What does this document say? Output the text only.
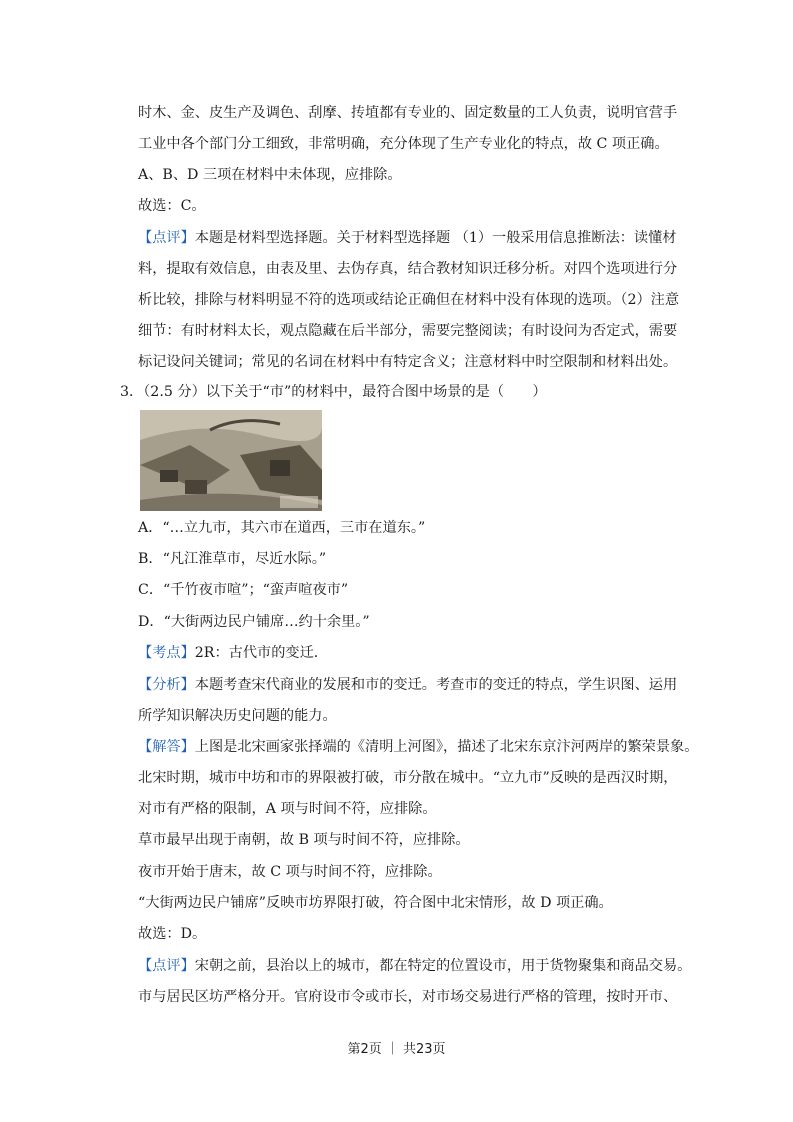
时木、金、皮生产及调色、刮摩、抟埴都有专业的、固定数量的工人负责，说明官营手
工业中各个部门分工细致，非常明确，充分体现了生产专业化的特点，故 C 项正确。
A、B、D 三项在材料中未体现，应排除。
故选：C。
【点评】本题是材料型选择题。关于材料型选择题 （1）一般采用信息推断法：读懂材
料，提取有效信息，由表及里、去伪存真，结合教材知识迁移分析。对四个选项进行分
析比较，排除与材料明显不符的选项或结论正确但在材料中没有体现的选项。（2）注意
细节：有时材料太长，观点隐藏在后半部分，需要完整阅读；有时设问为否定式，需要
标记设问关键词；常见的名词在材料中有特定含义；注意材料中时空限制和材料出处。
3．（2.5 分）以下关于“市”的材料中，最符合图中场景的是（　　）
A．“…立九市，其六市在道西，三市在道东。”
B．“凡江淮草市，尽近水际。”
C．“千竹夜市喧”；“蛮声喧夜市”
D．“大街两边民户铺席…约十余里。”
【考点】2R：古代市的变迁．
【分析】本题考查宋代商业的发展和市的变迁。考查市的变迁的特点，学生识图、运用
所学知识解决历史问题的能力。
【解答】上图是北宋画家张择端的《清明上河图》，描述了北宋东京汴河两岸的繁荣景象。
北宋时期，城市中坊和市的界限被打破，市分散在城中。“立九市”反映的是西汉时期，
对市有严格的限制，A 项与时间不符，应排除。
草市最早出现于南朝，故 B 项与时间不符，应排除。
夜市开始于唐末，故 C 项与时间不符，应排除。
“大街两边民户铺席”反映市坊界限打破，符合图中北宋情形，故 D 项正确。
故选：D。
【点评】宋朝之前，县治以上的城市，都在特定的位置设市，用于货物聚集和商品交易。
市与居民区坊严格分开。官府设市令或市长，对市场交易进行严格的管理，按时开市、
第2页 ｜ 共23页
